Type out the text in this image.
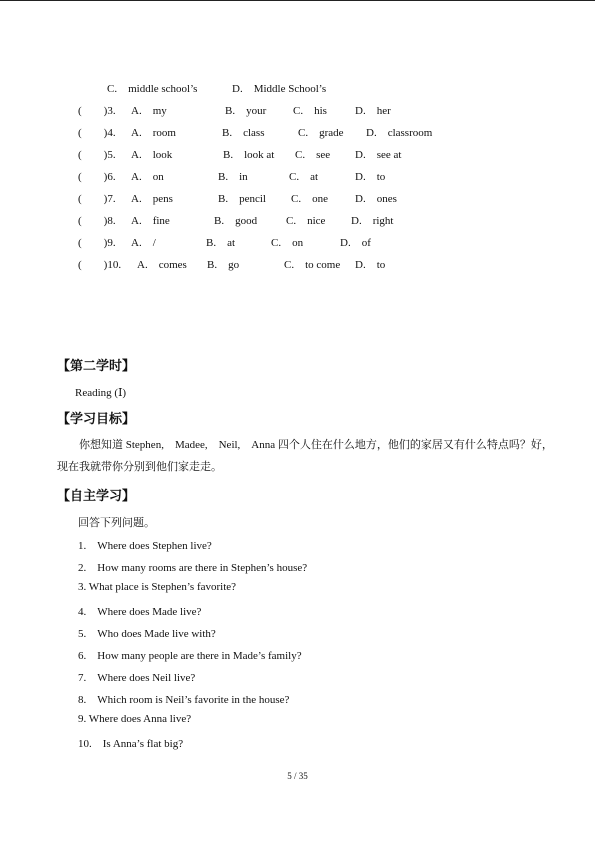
C.　middle school’s	D.　Middle School’s
(　　)3. A.　my	B.　your C.　his	D.　her
(　　)4. A.　room	B.　class	C.　grade D.　classroom
(　　)5. A.　look	B.　look at C.　see D.　see at
(　　)6. A.　on	B.　in	C.　at	D.　to
(　　)7. A.　pens	B.　pencil C.　one D.　ones
(　　)8. A.　fine	B.　good	C.　nice D.　right
(　　)9. A.　/	B.　at	C.　on	D.　of
(　　)10. A.　comes B.　go	C.　to come D.　to
【第二学时】
Reading (Ⅰ)
【学习目标】
你想知道 Stephen,　Madee,　Neil,　Anna 四个人住在什么地方，他们的家居又有什么特点吗？好，现在我就带你分别到他们家走走。
【自主学习】
回答下列问题。
1.　Where does Stephen live?
2.　How many rooms are there in Stephen’s house?
3. What place is Stephen’s favorite?
4.　Where does Made live?
5.　Who does Made live with?
6.　How many people are there in Made’s family?
7.　Where does Neil live?
8.　Which room is Neil’s favorite in the house?
9. Where does Anna live?
10.　Is Anna’s flat big?
5 / 35
